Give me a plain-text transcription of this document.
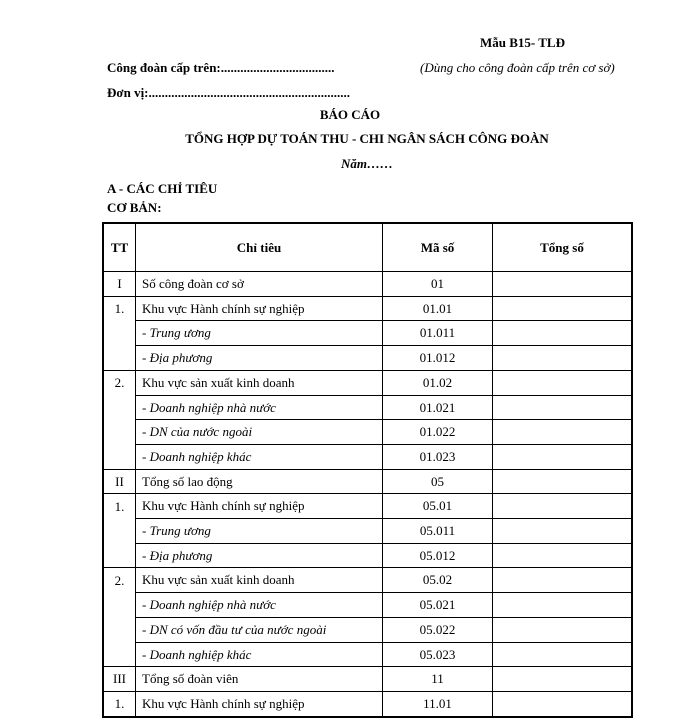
Mẫu B15- TLĐ
Công đoàn cấp trên:...................................	(Dùng cho công đoàn cấp trên cơ sở)
Đơn vị:..............................................................
BÁO CÁO
TỔNG HỢP DỰ TOÁN THU - CHI NGÂN SÁCH CÔNG ĐOÀN
Năm……
A - CÁC CHỈ TIÊU
CƠ BẢN:
TT	Chỉ tiêu	Mã số	Tổng số
I	Số công đoàn cơ sở	01	
1.	Khu vực Hành chính sự nghiệp	01.01	
	- Trung ương	01.011	
	- Địa phương	01.012	
2.	Khu vực sản xuất kinh doanh	01.02	
	- Doanh nghiệp nhà nước	01.021	
	- DN của nước ngoài	01.022	
	- Doanh nghiệp khác	01.023	
II	Tổng số lao động	05	
1.	Khu vực Hành chính sự nghiệp	05.01	
	- Trung ương	05.011	
	- Địa phương	05.012	
2.	Khu vực sản xuất kinh doanh	05.02	
	- Doanh nghiệp nhà nước	05.021	
	- DN có vốn đầu tư của nước ngoài	05.022	
	- Doanh nghiệp khác	05.023	
III	Tổng số đoàn viên	11	
1.	Khu vực Hành chính sự nghiệp	11.01	
